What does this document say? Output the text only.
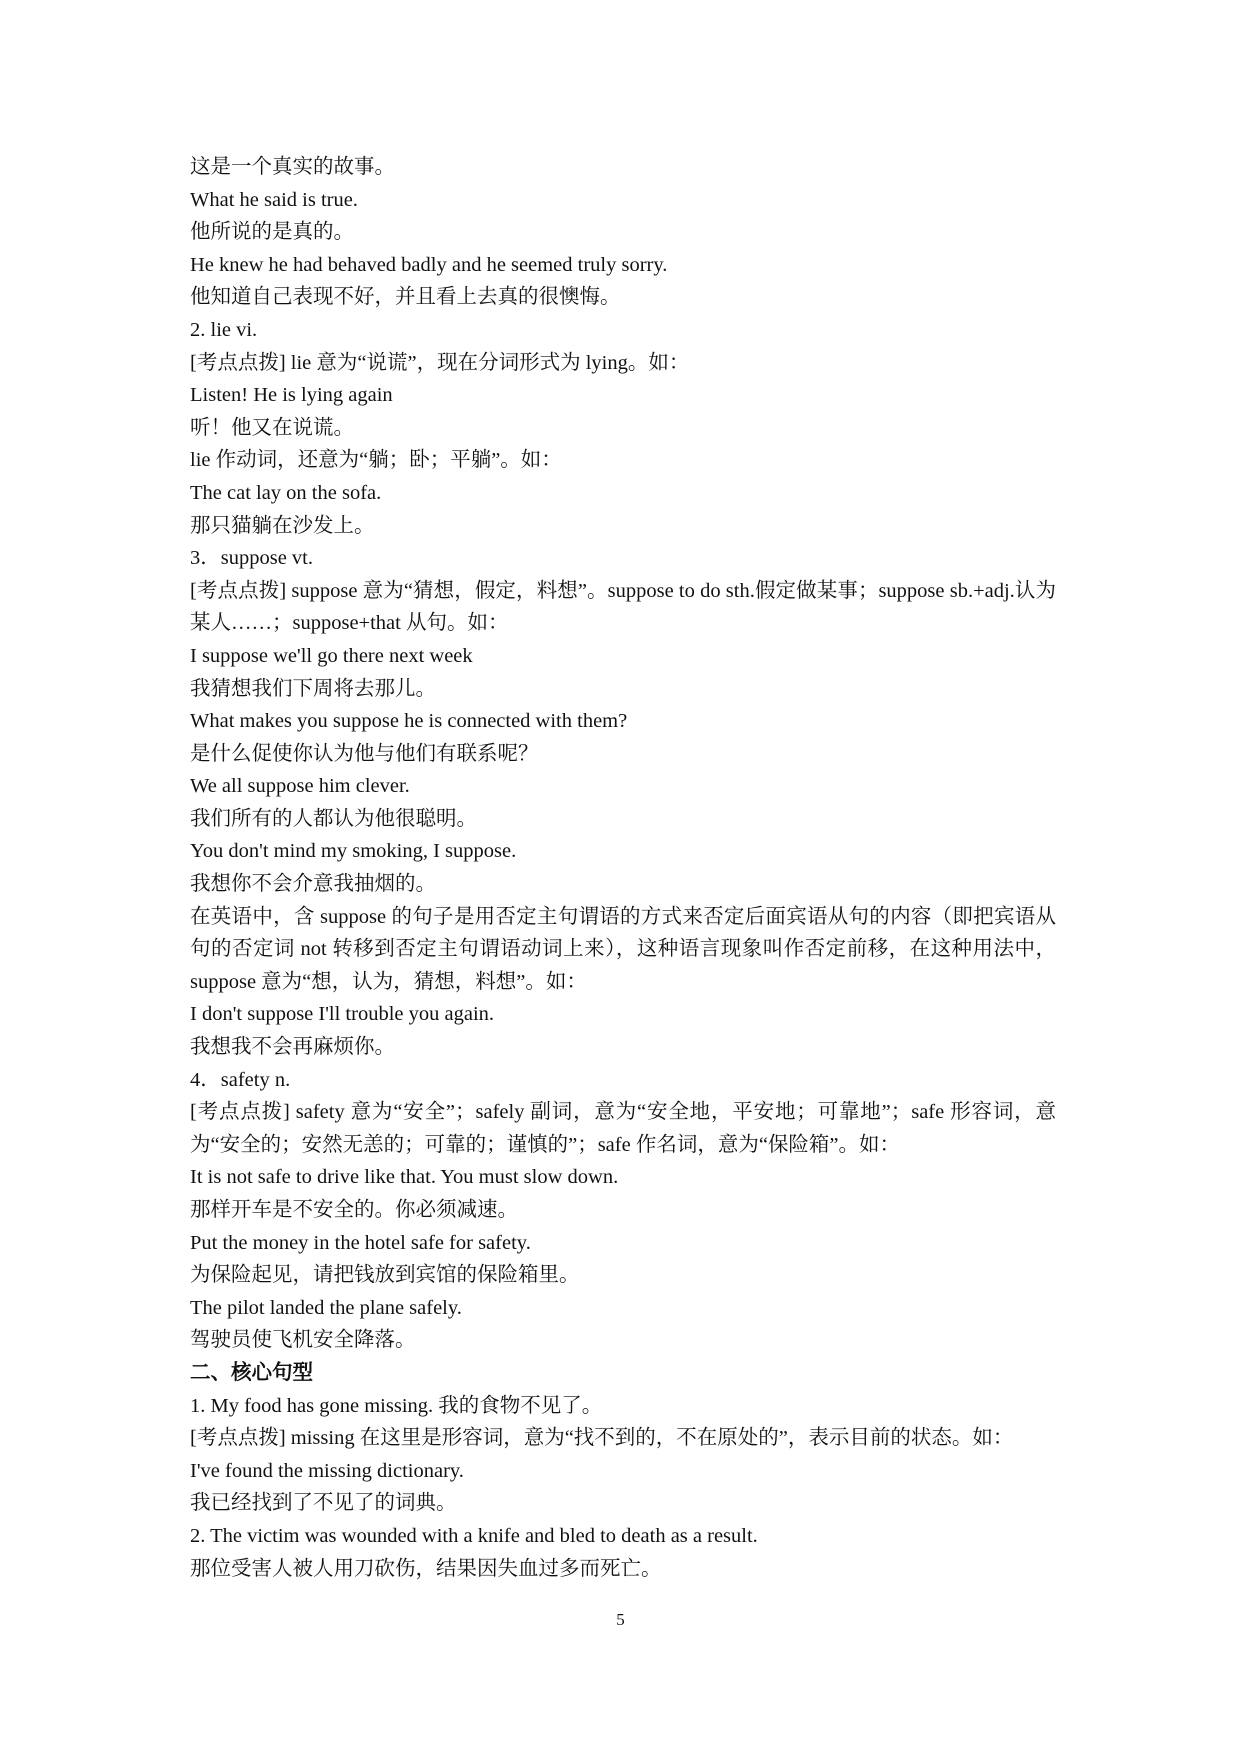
这是一个真实的故事。
What he said is true.
他所说的是真的。
He knew he had behaved badly and he seemed truly sorry.
他知道自己表现不好，并且看上去真的很懊悔。
2. lie vi.
[考点点拨] lie 意为“说谎”，现在分词形式为 lying。如：
Listen! He is lying again
听！他又在说谎。
lie 作动词，还意为“躺；卧；平躺”。如：
The cat lay on the sofa.
那只猫躺在沙发上。
3．suppose vt.
[考点点拨] suppose 意为“猜想，假定，料想”。suppose to do sth.假定做某事；suppose sb.+adj.认为某人……；suppose+that 从句。如：
I suppose we'll go there next week
我猜想我们下周将去那儿。
What makes you suppose he is connected with them?
是什么促使你认为他与他们有联系呢？
We all suppose him clever.
我们所有的人都认为他很聪明。
You don't mind my smoking, I suppose.
我想你不会介意我抽烟的。
在英语中，含 suppose 的句子是用否定主句谓语的方式来否定后面宾语从句的内容（即把宾语从句的否定词 not 转移到否定主句谓语动词上来），这种语言现象叫作否定前移，在这种用法中，suppose 意为“想，认为，猜想，料想”。如：
I don't suppose I'll trouble you again.
我想我不会再麻烦你。
4．safety n.
[考点点拨] safety 意为“安全”；safely 副词，意为“安全地，平安地；可靠地”；safe 形容词，意为“安全的；安然无恙的；可靠的；谨慎的”；safe 作名词，意为“保险箱”。如：
It is not safe to drive like that. You must slow down.
那样开车是不安全的。你必须减速。
Put the money in the hotel safe for safety.
为保险起见，请把钱放到宾馆的保险箱里。
The pilot landed the plane safely.
驾驶员使飞机安全降落。
二、核心句型
1. My food has gone missing. 我的食物不见了。
[考点点拨] missing 在这里是形容词，意为“找不到的，不在原处的”，表示目前的状态。如：
I've found the missing dictionary.
我已经找到了不见了的词典。
2. The victim was wounded with a knife and bled to death as a result.
那位受害人被人用刀砍伤，结果因失血过多而死亡。
5
